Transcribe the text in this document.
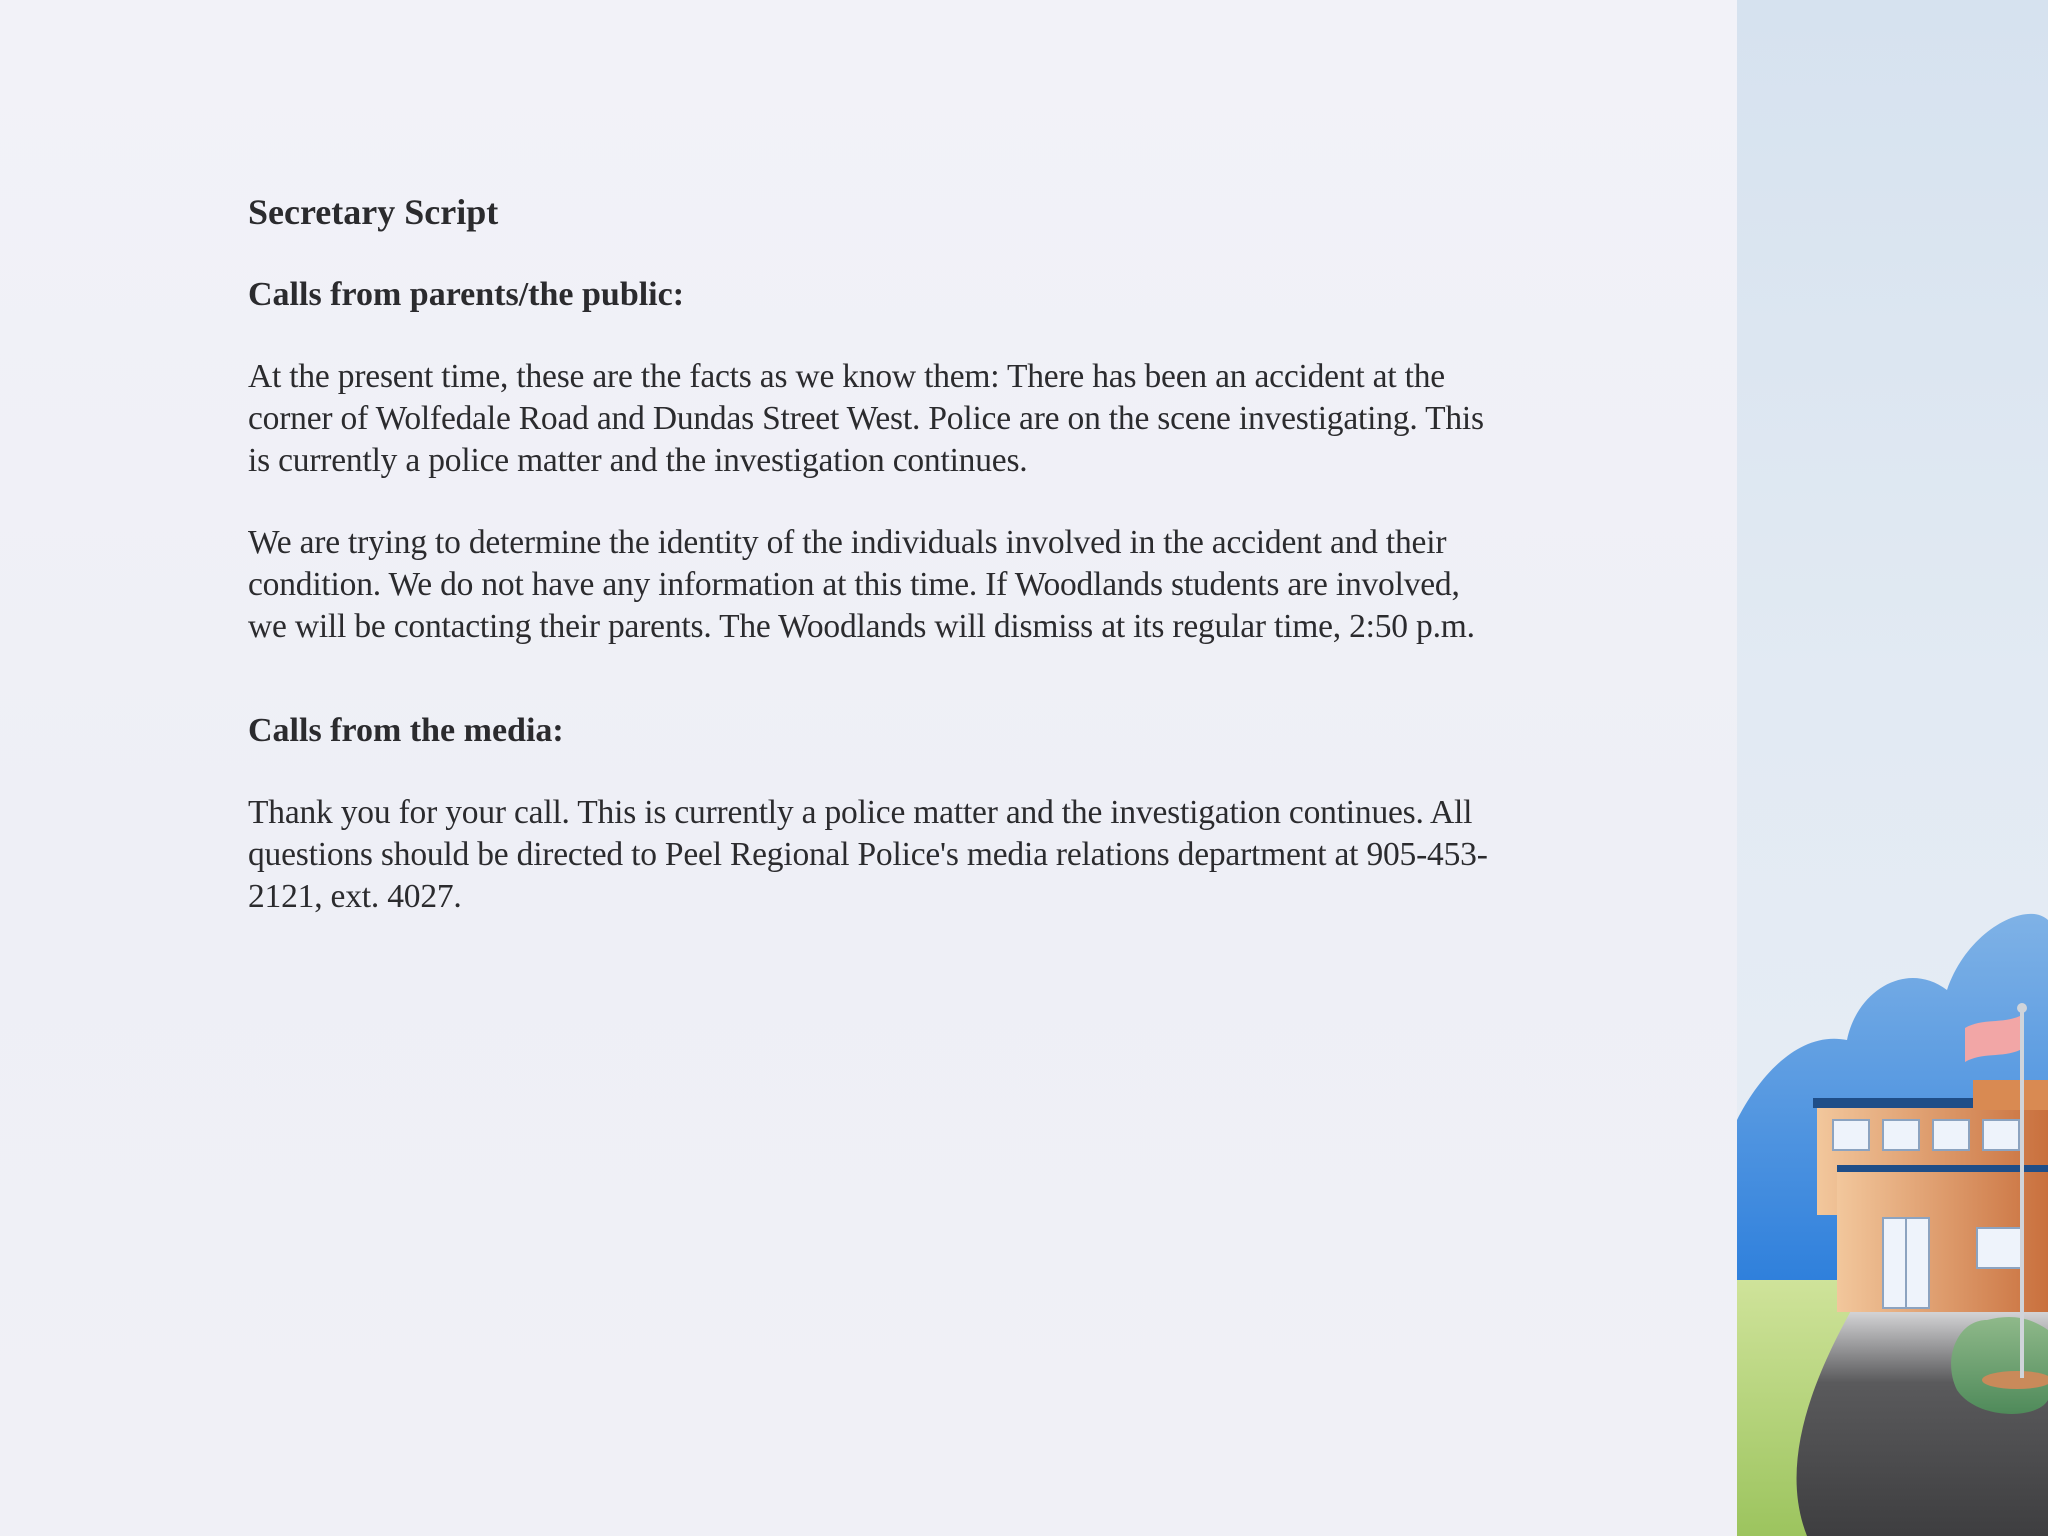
Secretary Script
Calls from parents/the public:

At the present time, these are the facts as we know them: There has been an accident at the corner of Wolfedale Road and Dundas Street West. Police are on the scene investigating. This is currently a police matter and the investigation continues.

We are trying to determine the identity of the individuals involved in the accident and their condition. We do not have any information at this time. If Woodlands students are involved, we will be contacting their parents. The Woodlands will dismiss at its regular time, 2:50 p.m.

Calls from the media:

Thank you for your call. This is currently a police matter and the investigation continues. All questions should be directed to Peel Regional Police's media relations department at 905-453-2121, ext. 4027.
